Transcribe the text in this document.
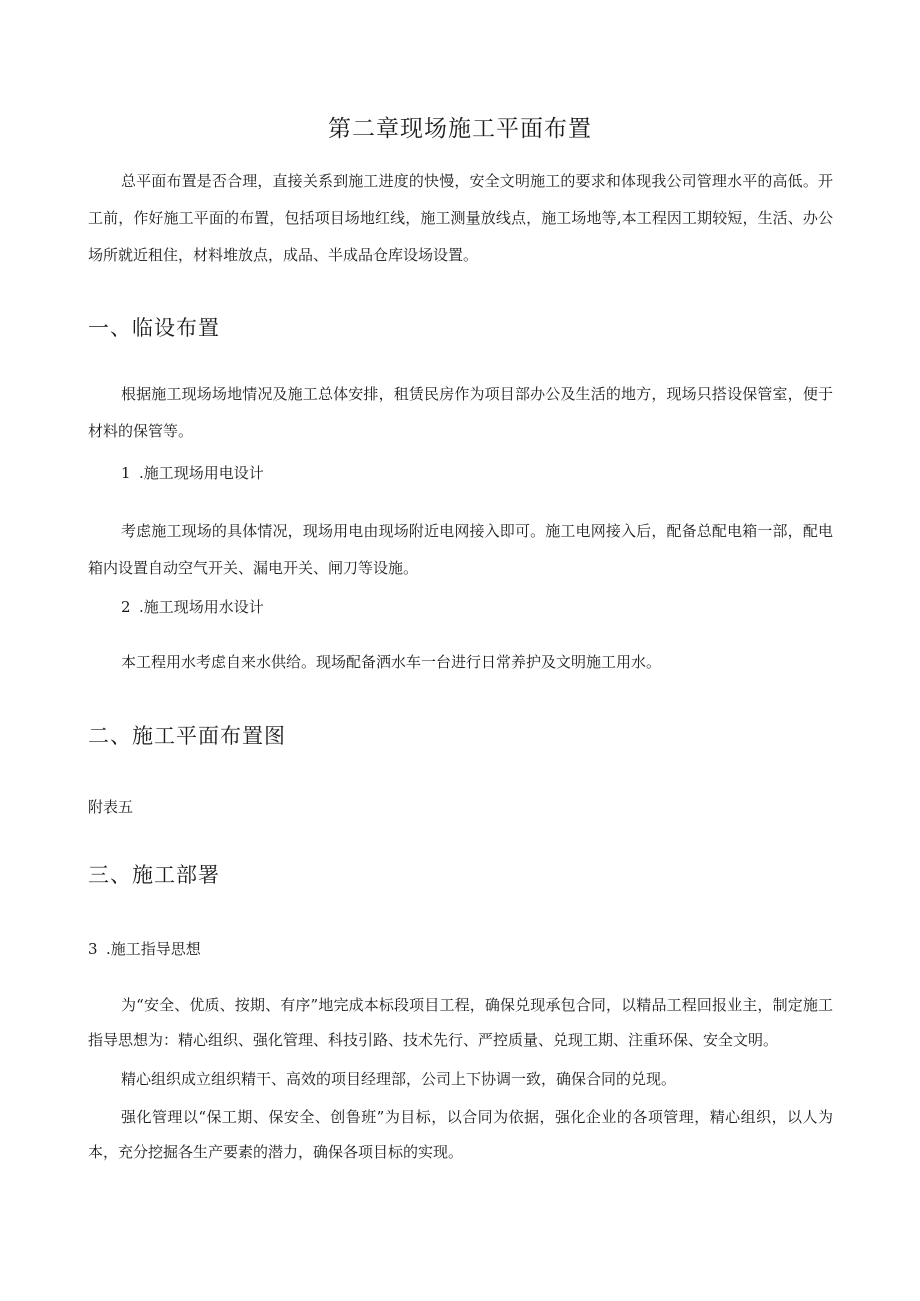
第二章现场施工平面布置
总平面布置是否合理，直接关系到施工进度的快慢，安全文明施工的要求和体现我公司管理水平的高低。开工前，作好施工平面的布置，包括项目场地红线，施工测量放线点，施工场地等,本工程因工期较短，生活、办公场所就近租住，材料堆放点，成品、半成品仓库设场设置。
一、临设布置
根据施工现场场地情况及施工总体安排，租赁民房作为项目部办公及生活的地方，现场只搭设保管室，便于材料的保管等。
1 .施工现场用电设计
考虑施工现场的具体情况，现场用电由现场附近电网接入即可。施工电网接入后，配备总配电箱一部，配电箱内设置自动空气开关、漏电开关、闸刀等设施。
2 .施工现场用水设计
本工程用水考虑自来水供给。现场配备洒水车一台进行日常养护及文明施工用水。
二、施工平面布置图
附表五
三、施工部署
3 .施工指导思想
为“安全、优质、按期、有序”地完成本标段项目工程，确保兑现承包合同，以精品工程回报业主，制定施工指导思想为：精心组织、强化管理、科技引路、技术先行、严控质量、兑现工期、注重环保、安全文明。
精心组织成立组织精干、高效的项目经理部，公司上下协调一致，确保合同的兑现。
强化管理以“保工期、保安全、创鲁班”为目标，以合同为依据，强化企业的各项管理，精心组织，以人为本，充分挖掘各生产要素的潜力，确保各项目标的实现。
